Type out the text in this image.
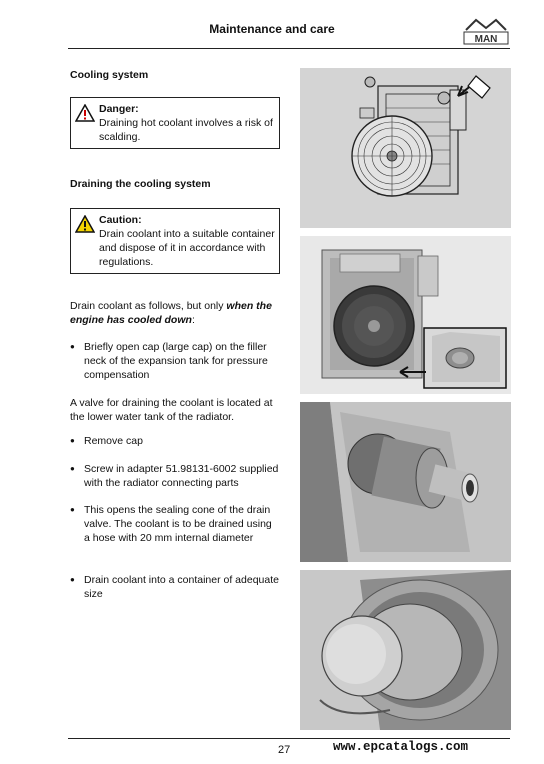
Maintenance and care
MAN
Cooling system
Danger:
Draining hot coolant involves a risk of scalding.
Draining the cooling system
Caution:
Drain coolant into a suitable container and dispose of it in accordance with regulations.
Drain coolant as follows, but only when the engine has cooled down:
● Briefly open cap (large cap) on the filler neck of the expansion tank for pressure compensation
A valve for draining the coolant is located at the lower water tank of the radiator.
● Remove cap
● Screw in adapter 51.98131-6002 supplied with the radiator connecting parts
● This opens the sealing cone of the drain valve. The coolant is to be drained using a hose with 20 mm internal diameter
● Drain coolant into a container of adequate size
27	www.epcatalogs.com
